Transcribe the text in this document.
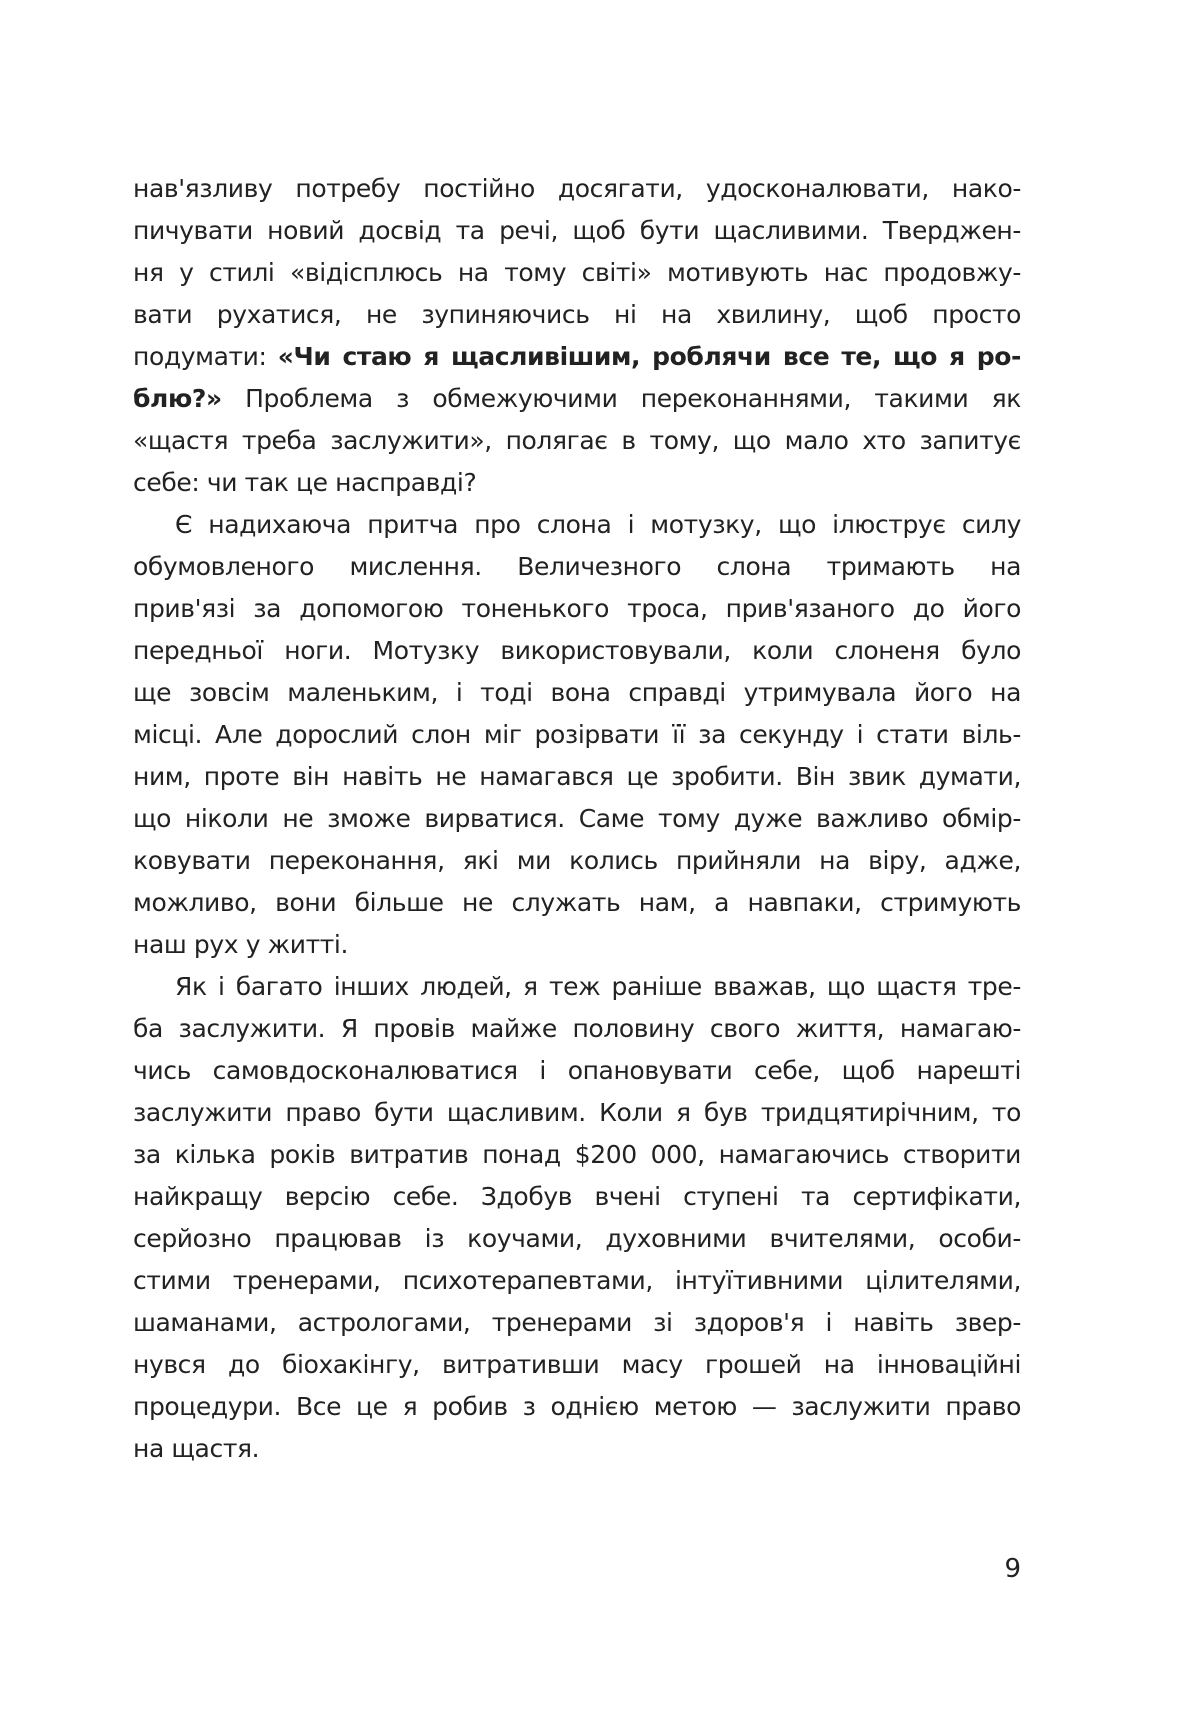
нав'язливу потребу постійно досягати, удосконалювати, нако-
пичувати новий досвід та речі, щоб бути щасливими. Тверджен-
ня у стилі «відісплюсь на тому світі» мотивують нас продовжу-
вати рухатися, не зупиняючись ні на хвилину, щоб просто
подумати: «Чи стаю я щасливішим, роблячи все те, що я ро-
блю?» Проблема з обмежуючими переконаннями, такими як
«щастя треба заслужити», полягає в тому, що мало хто запитує
себе: чи так це насправді?
Є надихаюча притча про слона і мотузку, що ілюструє силу
обумовленого мислення. Величезного слона тримають на
прив'язі за допомогою тоненького троса, прив'язаного до його
передньої ноги. Мотузку використовували, коли слоненя було
ще зовсім маленьким, і тоді вона справді утримувала його на
місці. Але дорослий слон міг розірвати її за секунду і стати віль-
ним, проте він навіть не намагався це зробити. Він звик думати,
що ніколи не зможе вирватися. Саме тому дуже важливо обмір-
ковувати переконання, які ми колись прийняли на віру, адже,
можливо, вони більше не служать нам, а навпаки, стримують
наш рух у житті.
Як і багато інших людей, я теж раніше вважав, що щастя тре-
ба заслужити. Я провів майже половину свого життя, намагаю-
чись самовдосконалюватися і опановувати себе, щоб нарешті
заслужити право бути щасливим. Коли я був тридцятирічним, то
за кілька років витратив понад $200 000, намагаючись створити
найкращу версію себе. Здобув вчені ступені та сертифікати,
серйозно працював із коучами, духовними вчителями, особи-
стими тренерами, психотерапевтами, інтуїтивними цілителями,
шаманами, астрологами, тренерами зі здоров'я і навіть звер-
нувся до біохакінгу, витративши масу грошей на інноваційні
процедури. Все це я робив з однією метою — заслужити право
на щастя.
9
